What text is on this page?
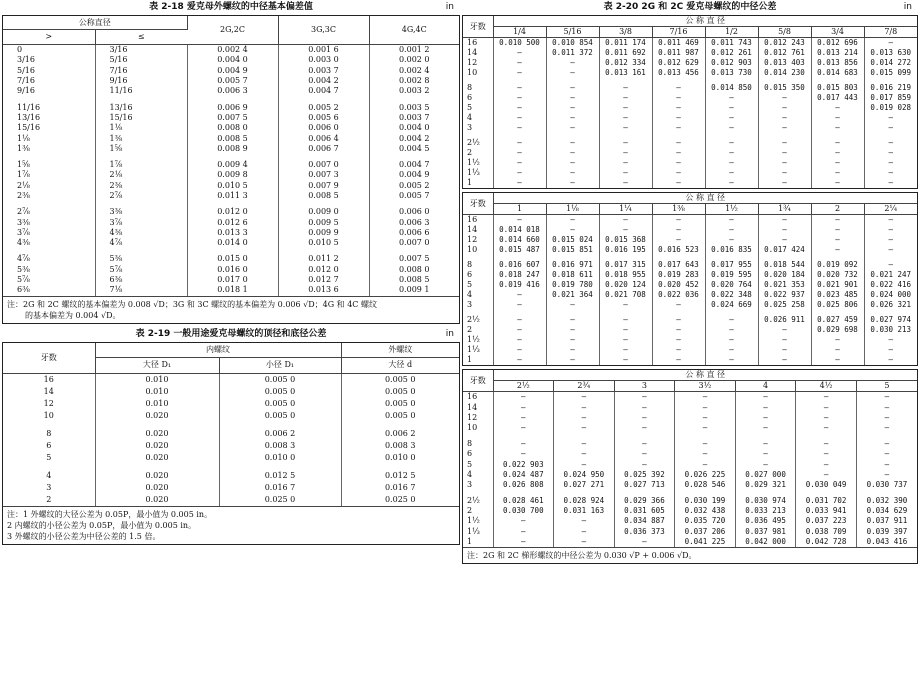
表 2-18 爱克母外螺纹的中径基本偏差值	in
公称直径		2G,2C	3G,3C	4G,4C
>	≤			
0	3/16	0.002 4	0.001 6	0.001 2
3/16	5/16	0.004 0	0.003 0	0.002 0
5/16	7/16	0.004 9	0.003 7	0.002 4
7/16	9/16	0.005 7	0.004 2	0.002 8
9/16	11/16	0.006 3	0.004 7	0.003 2

11/16	13/16	0.006 9	0.005 2	0.003 5
13/16	15/16	0.007 5	0.005 6	0.003 7
15/16	1⅛	0.008 0	0.006 0	0.004 0
1⅛	1⅜	0.008 5	0.006 4	0.004 2
1⅜	1⅝	0.008 9	0.006 7	0.004 5

1⅝	1⅞	0.009 4	0.007 0	0.004 7
1⅞	2⅛	0.009 8	0.007 3	0.004 9
2⅛	2⅜	0.010 5	0.007 9	0.005 2
2⅜	2⅞	0.011 3	0.008 5	0.005 7

2⅞	3⅜	0.012 0	0.009 0	0.006 0
3⅜	3⅞	0.012 6	0.009 5	0.006 3
3⅞	4⅜	0.013 3	0.009 9	0.006 6
4⅜	4⅞	0.014 0	0.010 5	0.007 0

4⅞	5⅜	0.015 0	0.011 2	0.007 5
5⅜	5⅞	0.016 0	0.012 0	0.008 0
5⅞	6⅜	0.017 0	0.012 7	0.008 5
6⅜	7⅛	0.018 1	0.013 6	0.009 1
注：2G 和 2C 螺纹的基本偏差为 0.008 √D；3G 和 3C 螺纹的基本偏差为 0.006 √D；4G 和 4C 螺纹
的基本偏差为 0.004 √D。
表 2-19 一般用途爱克母螺纹的顶径和底径公差	in
牙数	内螺纹		外螺纹
	大径 D₁	小径 D₁	大径 d
16	0.010	0.005 0	0.005 0
14	0.010	0.005 0	0.005 0
12	0.010	0.005 0	0.005 0
10	0.020	0.005 0	0.005 0

8	0.020	0.006 2	0.006 2
6	0.020	0.008 3	0.008 3
5	0.020	0.010 0	0.010 0

4	0.020	0.012 5	0.012 5
3	0.020	0.016 7	0.016 7
2	0.020	0.025 0	0.025 0
注：1 外螺纹的大径公差为 0.05P，最小值为 0.005 in。
2 内螺纹的小径公差为 0.05P，最小值为 0.005 in。
3 外螺纹的小径公差为中径公差的 1.5 倍。
表 2-20 2G 和 2C 爱克母螺纹的中径公差	in
牙数	公 称 直 径							
	1/4	5/16	3/8	7/16	1/2	5/8	3/4	7/8
16	0.010 500	0.010 854	0.011 174	0.011 469	0.011 743	0.012 243	0.012 696	—
14	—	0.011 372	0.011 692	0.011 987	0.012 261	0.012 761	0.013 214	0.013 630
12	—	—	0.012 334	0.012 629	0.012 903	0.013 403	0.013 856	0.014 272
10	—	—	0.013 161	0.013 456	0.013 730	0.014 230	0.014 683	0.015 099

8	—	—	—	—	0.014 850	0.015 350	0.015 803	0.016 219
6	—	—	—	—	—	—	0.017 443	0.017 859
5	—	—	—	—	—	—	—	0.019 028
4	—	—	—	—	—	—	—	—
3	—	—	—	—	—	—	—	—

2½	—	—	—	—	—	—	—	—
2	—	—	—	—	—	—	—	—
1½	—	—	—	—	—	—	—	—
1⅓	—	—	—	—	—	—	—	—
1	—	—	—	—	—	—	—	—
牙数	公 称 直 径							
	1	1⅛	1¼	1⅜	1½	1¾	2	2¼
16	—	—	—	—	—	—	—	—
14	0.014 018	—	—	—	—	—	—	—
12	0.014 660	0.015 024	0.015 368	—	—	—	—	—
10	0.015 487	0.015 851	0.016 195	0.016 523	0.016 835	0.017 424	—	—

8	0.016 607	0.016 971	0.017 315	0.017 643	0.017 955	0.018 544	0.019 092	—
6	0.018 247	0.018 611	0.018 955	0.019 283	0.019 595	0.020 184	0.020 732	0.021 247
5	0.019 416	0.019 780	0.020 124	0.020 452	0.020 764	0.021 353	0.021 901	0.022 416
4	—	0.021 364	0.021 708	0.022 036	0.022 348	0.022 937	0.023 485	0.024 000
3	—	—	—	—	0.024 669	0.025 258	0.025 806	0.026 321

2½	—	—	—	—	—	0.026 911	0.027 459	0.027 974
2	—	—	—	—	—	—	0.029 698	0.030 213
1½	—	—	—	—	—	—	—	—
1⅓	—	—	—	—	—	—	—	—
1	—	—	—	—	—	—	—	—
牙数	公 称 直 径						
	2½	2¾	3	3½	4	4½	5
16	—	—	—	—	—	—	—
14	—	—	—	—	—	—	—
12	—	—	—	—	—	—	—
10	—	—	—	—	—	—	—

8	—	—	—	—	—	—	—
6	—	—	—	—	—	—	—
5	0.022 903	—	—	—	—	—	—
4	0.024 487	0.024 950	0.025 392	0.026 225	0.027 000	—	—
3	0.026 808	0.027 271	0.027 713	0.028 546	0.029 321	0.030 049	0.030 737

2½	0.028 461	0.028 924	0.029 366	0.030 199	0.030 974	0.031 702	0.032 390
2	0.030 700	0.031 163	0.031 605	0.032 438	0.033 213	0.033 941	0.034 629
1½	—	—	0.034 887	0.035 720	0.036 495	0.037 223	0.037 911
1⅓	—	—	0.036 373	0.037 206	0.037 981	0.038 709	0.039 397
1	—	—	—	0.041 225	0.042 000	0.042 728	0.043 416
注：2G 和 2C 梯形螺纹的中径公差为 0.030 √P + 0.006 √D。
